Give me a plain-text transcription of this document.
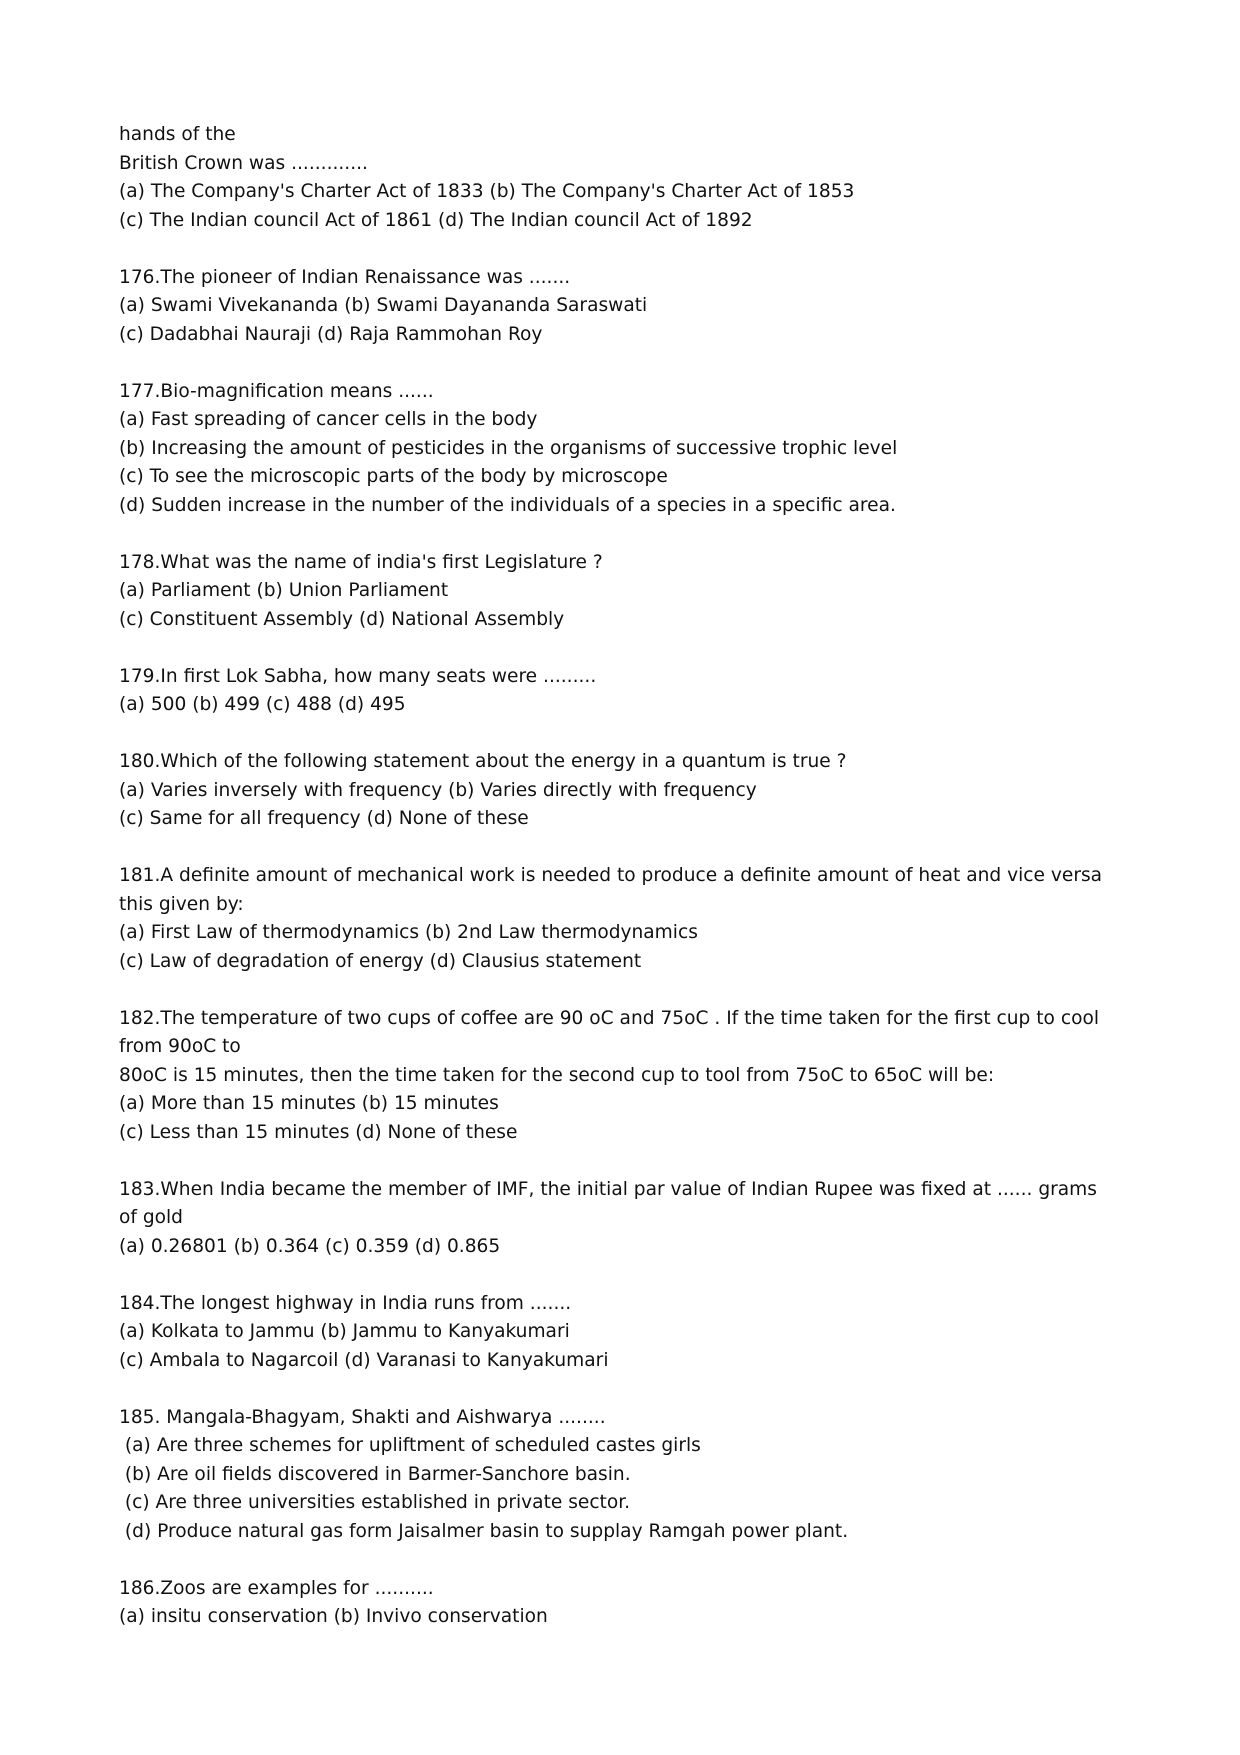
hands of the
British Crown was .............
(a) The Company's Charter Act of 1833 (b) The Company's Charter Act of 1853
(c) The Indian council Act of 1861 (d) The Indian council Act of 1892
176.The pioneer of Indian Renaissance was .......
(a) Swami Vivekananda (b) Swami Dayananda Saraswati
(c) Dadabhai Nauraji (d) Raja Rammohan Roy
177.Bio-magnification means ......
(a) Fast spreading of cancer cells in the body
(b) Increasing the amount of pesticides in the organisms of successive trophic level
(c) To see the microscopic parts of the body by microscope
(d) Sudden increase in the number of the individuals of a species in a specific area.
178.What was the name of india's first Legislature ?
(a) Parliament (b) Union Parliament
(c) Constituent Assembly (d) National Assembly
179.In first Lok Sabha, how many seats were .........
(a) 500 (b) 499 (c) 488 (d) 495
180.Which of the following statement about the energy in a quantum is true ?
(a) Varies inversely with frequency (b) Varies directly with frequency
(c) Same for all frequency (d) None of these
181.A definite amount of mechanical work is needed to produce a definite amount of heat and vice versa
this given by:
(a) First Law of thermodynamics (b) 2nd Law thermodynamics
(c) Law of degradation of energy (d) Clausius statement
182.The temperature of two cups of coffee are 90 oC and 75oC . If the time taken for the first cup to cool
from 90oC to
80oC is 15 minutes, then the time taken for the second cup to tool from 75oC to 65oC will be:
(a) More than 15 minutes (b) 15 minutes
(c) Less than 15 minutes (d) None of these
183.When India became the member of IMF, the initial par value of Indian Rupee was fixed at ...... grams
of gold
(a) 0.26801 (b) 0.364 (c) 0.359 (d) 0.865
184.The longest highway in India runs from .......
(a) Kolkata to Jammu (b) Jammu to Kanyakumari
(c) Ambala to Nagarcoil (d) Varanasi to Kanyakumari
185. Mangala-Bhagyam, Shakti and Aishwarya ........
(a) Are three schemes for upliftment of scheduled castes girls
(b) Are oil fields discovered in Barmer-Sanchore basin.
(c) Are three universities established in private sector.
(d) Produce natural gas form Jaisalmer basin to supplay Ramgah power plant.
186.Zoos are examples for ..........
(a) insitu conservation (b) Invivo conservation
